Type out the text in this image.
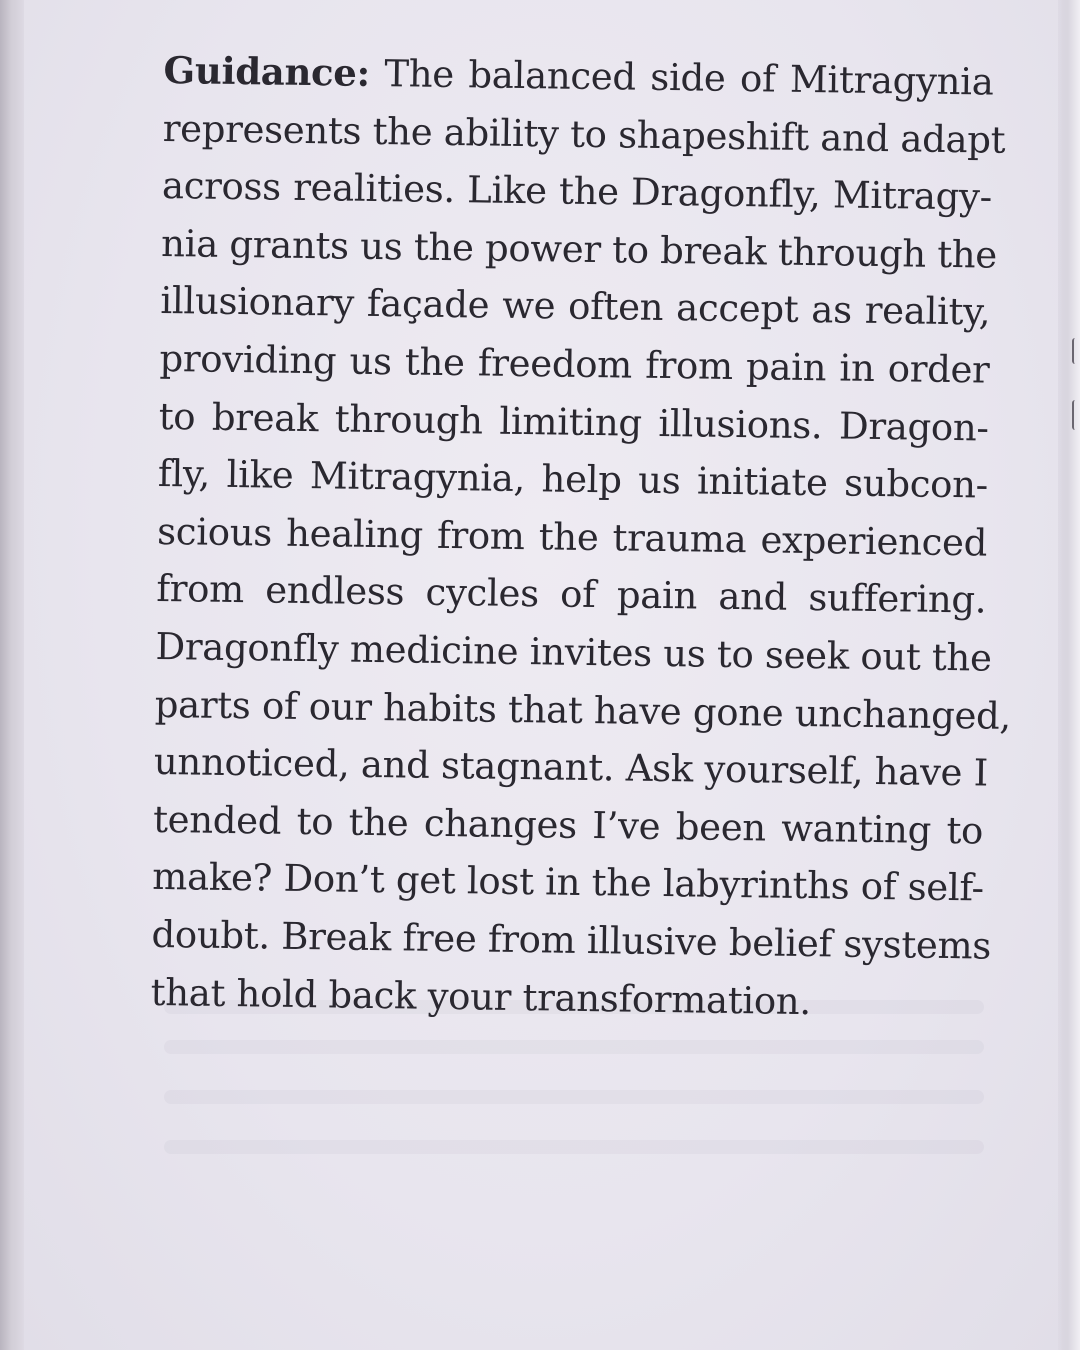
Guidance: The balanced side of Mitragynia
represents the ability to shapeshift and adapt
across realities. Like the Dragonfly, Mitragy-
nia grants us the power to break through the
illusionary façade we often accept as reality,
providing us the freedom from pain in order
to break through limiting illusions. Dragon-
fly, like Mitragynia, help us initiate subcon-
scious healing from the trauma experienced
from endless cycles of pain and suffering.
Dragonfly medicine invites us to seek out the
parts of our habits that have gone unchanged,
unnoticed, and stagnant. Ask yourself, have I
tended to the changes I’ve been wanting to
make? Don’t get lost in the labyrinths of self-
doubt. Break free from illusive belief systems
that hold back your transformation.
